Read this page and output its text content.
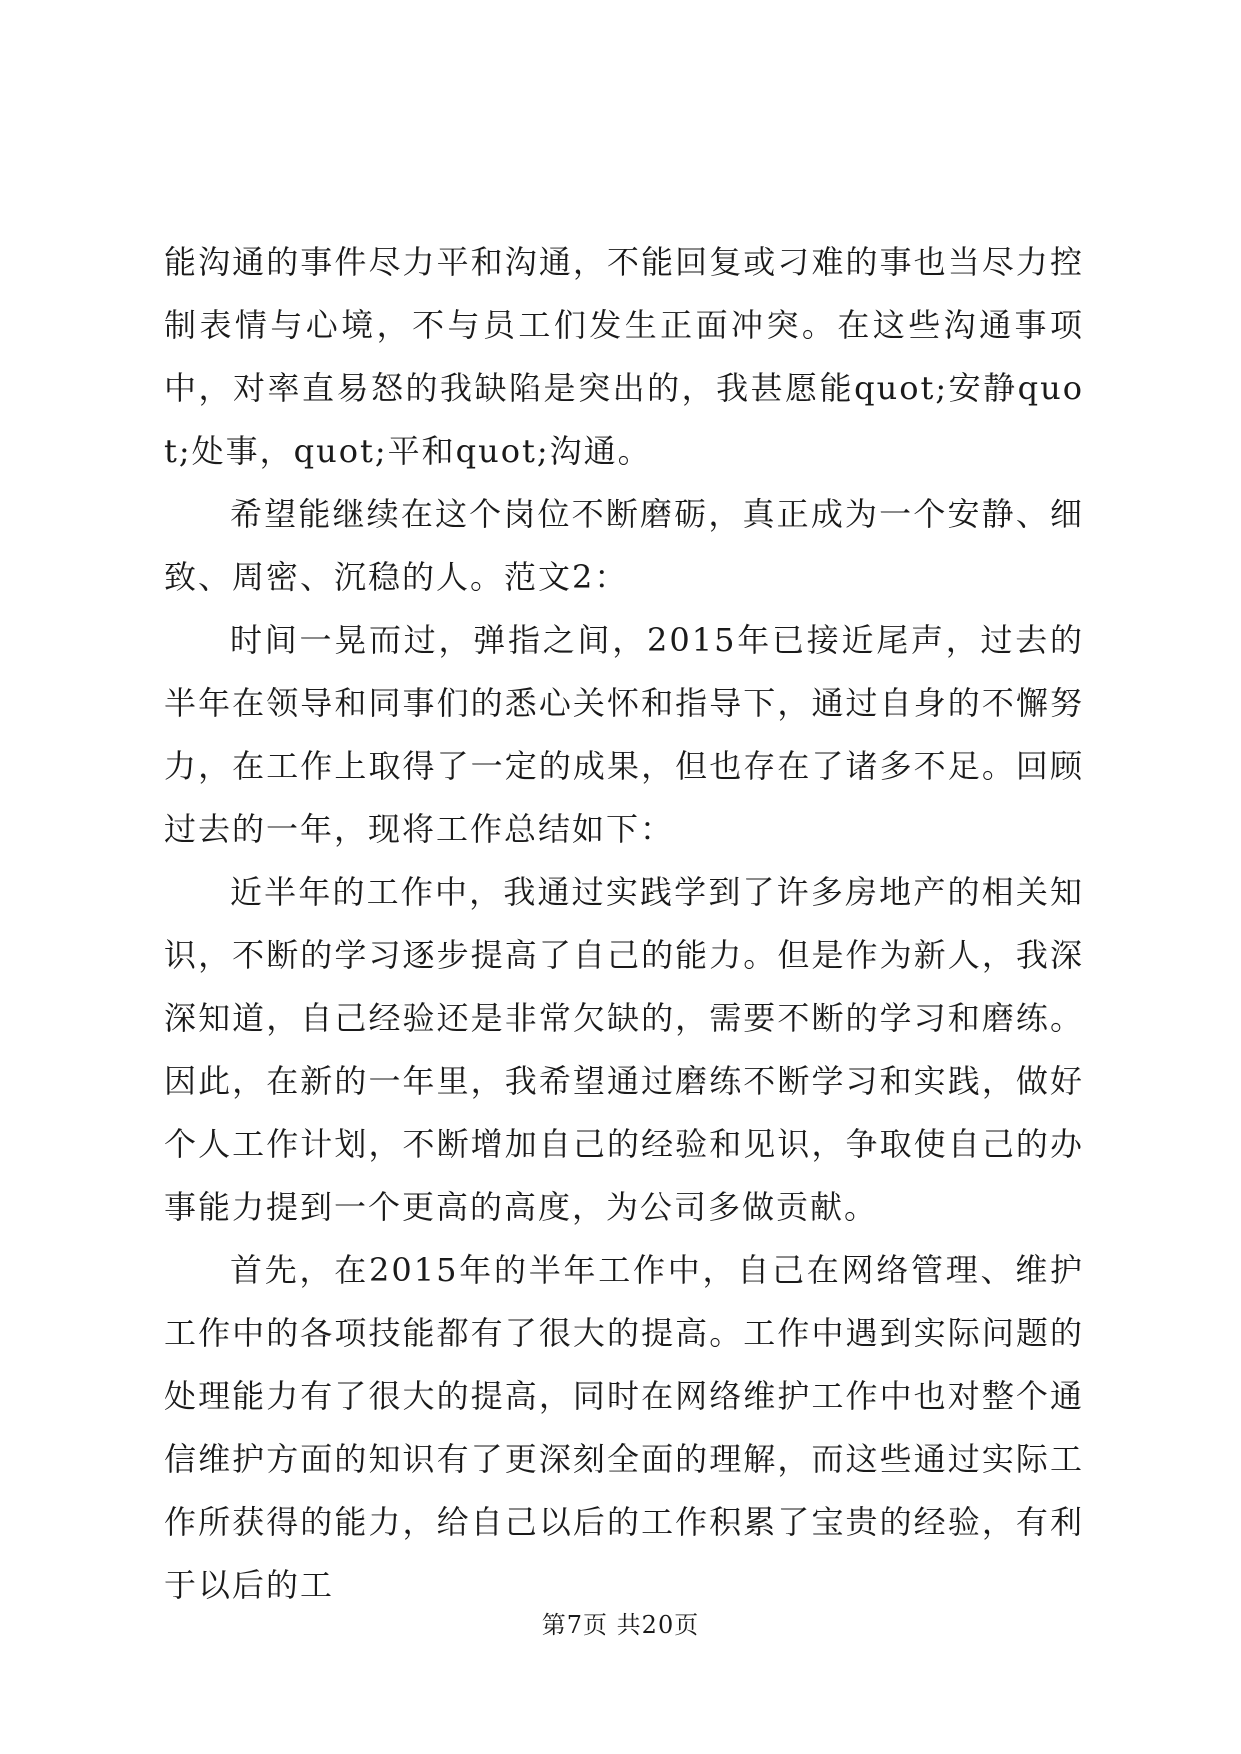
能沟通的事件尽力平和沟通，不能回复或刁难的事也当尽力控制表情与心境，不与员工们发生正面冲突。在这些沟通事项中，对率直易怒的我缺陷是突出的，我甚愿能quot;安静quot;处事，quot;平和quot;沟通。

希望能继续在这个岗位不断磨砺，真正成为一个安静、细致、周密、沉稳的人。范文2：

时间一晃而过，弹指之间，2015年已接近尾声，过去的半年在领导和同事们的悉心关怀和指导下，通过自身的不懈努力，在工作上取得了一定的成果，但也存在了诸多不足。回顾过去的一年，现将工作总结如下：

近半年的工作中，我通过实践学到了许多房地产的相关知识，不断的学习逐步提高了自己的能力。但是作为新人，我深深知道，自己经验还是非常欠缺的，需要不断的学习和磨练。因此，在新的一年里，我希望通过磨练不断学习和实践，做好个人工作计划，不断增加自己的经验和见识，争取使自己的办事能力提到一个更高的高度，为公司多做贡献。

首先，在2015年的半年工作中，自己在网络管理、维护工作中的各项技能都有了很大的提高。工作中遇到实际问题的处理能力有了很大的提高，同时在网络维护工作中也对整个通信维护方面的知识有了更深刻全面的理解，而这些通过实际工作所获得的能力，给自己以后的工作积累了宝贵的经验，有利于以后的工

第7页 共20页
